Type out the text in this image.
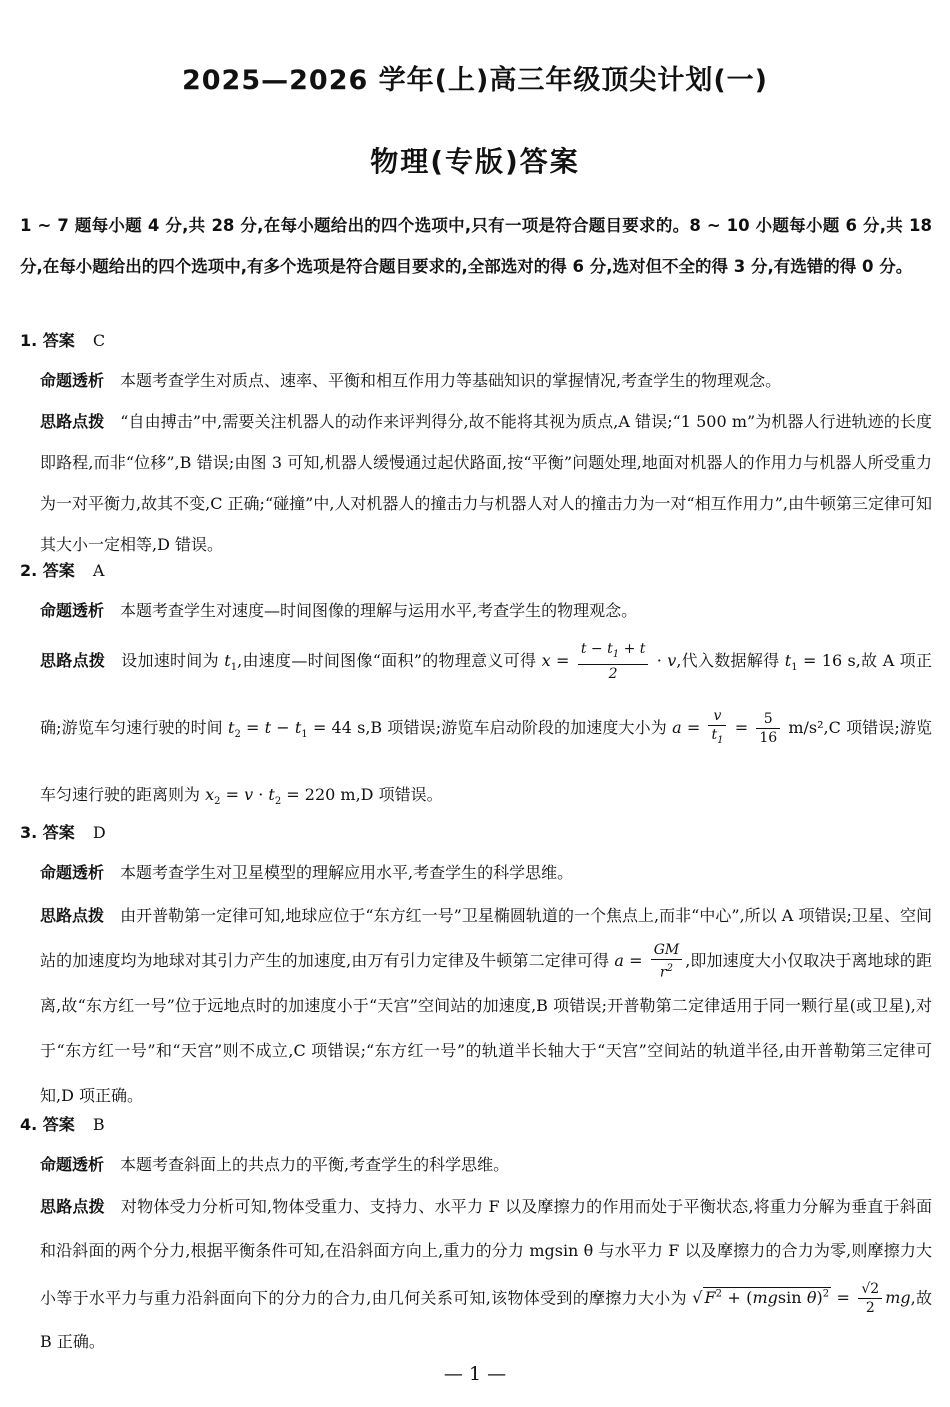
2025—2026 学年(上)高三年级顶尖计划(一)
物理(专版)答案
1 ~ 7 题每小题 4 分,共 28 分,在每小题给出的四个选项中,只有一项是符合题目要求的。8 ~ 10 小题每小题 6 分,共 18 分,在每小题给出的四个选项中,有多个选项是符合题目要求的,全部选对的得 6 分,选对但不全的得 3 分,有选错的得 0 分。
1. 答案 C
命题透析 本题考查学生对质点、速率、平衡和相互作用力等基础知识的掌握情况,考查学生的物理观念。
思路点拨 “自由搏击”中,需要关注机器人的动作来评判得分,故不能将其视为质点,A 错误;“1 500 m”为机器人行进轨迹的长度即路程,而非“位移”,B 错误;由图 3 可知,机器人缓慢通过起伏路面,按“平衡”问题处理,地面对机器人的作用力与机器人所受重力为一对平衡力,故其不变,C 正确;“碰撞”中,人对机器人的撞击力与机器人对人的撞击力为一对“相互作用力”,由牛顿第三定律可知其大小一定相等,D 错误。
2. 答案 A
命题透析 本题考查学生对速度—时间图像的理解与运用水平,考查学生的物理观念。
思路点拨 设加速时间为 $t_1$,由速度—时间图像“面积”的物理意义可得 $x = \frac{t - t_1 + t}{2} \cdot v$,代入数据解得 $t_1 = 16$ s,故 A 项正确;游览车匀速行驶的时间 $t_2 = t - t_1 = 44$ s,B 项错误;游览车启动阶段的加速度大小为 $a = \frac{v}{t_1} = \frac{5}{16} m/s^2,C$ 项错误;游览车匀速行驶的距离则为 $x_2 = v \cdot t_2 = 220$ m,D 项错误。
3. 答案 D
命题透析 本题考查学生对卫星模型的理解应用水平,考查学生的科学思维。
思路点拨 由开普勒第一定律可知,地球应位于“东方红一号”卫星椭圆轨道的一个焦点上,而非“中心”,所以 A 项错误;卫星、空间站的加速度均为地球对其引力产生的加速度,由万有引力定律及牛顿第二定律可得 $a = \frac{GM}{r^2}$ ,即加速度大小仅取决于离地球的距离,故“东方红一号”位于远地点时的加速度小于“天宫”空间站的加速度,B 项错误;开普勒第二定律适用于同一颗行星(或卫星),对于“东方红一号”和“天宫”则不成立,C 项错误;“东方红一号”的轨道半长轴大于“天宫”空间站的轨道半径,由开普勒第三定律可知,D 项正确。
4. 答案 B
命题透析 本题考查斜面上的共点力的平衡,考查学生的科学思维。
思路点拨 对物体受力分析可知,物体受重力、支持力、水平力 F 以及摩擦力的作用而处于平衡状态,将重力分解为垂直于斜面和沿斜面的两个分力,根据平衡条件可知,在沿斜面方向上,重力的分力 mgsin θ 与水平力 F 以及摩擦力的合力为零,则摩擦力大小等于水平力与重力沿斜面向下的分力的合力,由几何关系可知,该物体受到的摩擦力大小为 √ $F^2 + (mgsin$ $\theta)^2 = \frac{√2}{2}$ mg,故 B 正确。
— 1 —
